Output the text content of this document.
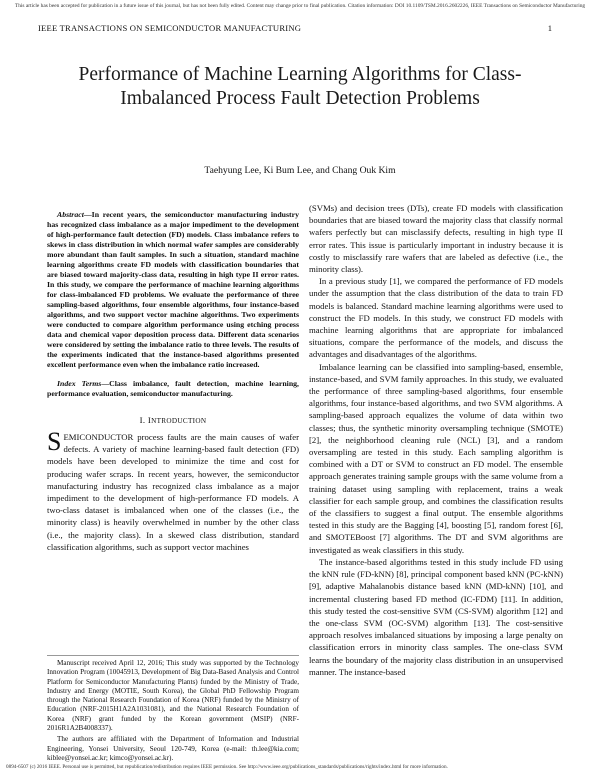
This article has been accepted for publication in a future issue of this journal, but has not been fully edited. Content may change prior to final publication. Citation information: DOI 10.1109/TSM.2016.2602226, IEEE Transactions on Semiconductor Manufacturing
IEEE TRANSACTIONS ON SEMICONDUCTOR MANUFACTURING	1
Performance of Machine Learning Algorithms for Class-Imbalanced Process Fault Detection Problems
Taehyung Lee, Ki Bum Lee, and Chang Ouk Kim

Abstract—In recent years, the semiconductor manufacturing industry has recognized class imbalance as a major impediment to the development of high-performance fault detection (FD) models. Class imbalance refers to skews in class distribution in which normal wafer samples are considerably more abundant than fault samples. In such a situation, standard machine learning algorithms create FD models with classification boundaries that are biased toward majority-class data, resulting in high type II error rates. In this study, we compare the performance of machine learning algorithms for class-imbalanced FD problems. We evaluate the performance of three sampling-based algorithms, four ensemble algorithms, four instance-based algorithms, and two support vector machine algorithms. Two experiments were conducted to compare algorithm performance using etching process data and chemical vapor deposition process data. Different data scenarios were considered by setting the imbalance ratio to three levels. The results of the experiments indicated that the instance-based algorithms presented excellent performance even when the imbalance ratio increased.

Index Terms—Class imbalance, fault detection, machine learning, performance evaluation, semiconductor manufacturing.

I. INTRODUCTION

SEMICONDUCTOR process faults are the main causes of wafer defects. A variety of machine learning-based fault detection (FD) models have been developed to minimize the time and cost for producing wafer scraps. In recent years, however, the semiconductor manufacturing industry has recognized class imbalance as a major impediment to the development of high-performance FD models. A two-class dataset is imbalanced when one of the classes (i.e., the minority class) is heavily overwhelmed in number by the other class (i.e., the majority class). In a skewed class distribution, standard classification algorithms, such as support vector machines

Manuscript received April 12, 2016; This study was supported by the Technology Innovation Program (10045913, Development of Big Data-Based Analysis and Control Platform for Semiconductor Manufacturing Plants) funded by the Ministry of Trade, Industry and Energy (MOTIE, South Korea), the Global PhD Fellowship Program through the National Research Foundation of Korea (NRF) funded by the Ministry of Education (NRF-2015H1A2A1031081), and the National Research Foundation of Korea (NRF) grant funded by the Korean government (MSIP) (NRF-2016R1A2B4008337).

The authors are affiliated with the Department of Information and Industrial Engineering, Yonsei University, Seoul 120-749, Korea (e-mail: th.lee@kia.com; kiblee@yonsei.ac.kr; kimco@yonsei.ac.kr).

(SVMs) and decision trees (DTs), create FD models with classification boundaries that are biased toward the majority class that classify normal wafers perfectly but can misclassify defects, resulting in high type II error rates. This issue is particularly important in industry because it is costly to misclassify rare wafers that are labeled as defective (i.e., the minority class).

In a previous study [1], we compared the performance of FD models under the assumption that the class distribution of the data to train FD models is balanced. Standard machine learning algorithms were used to construct the FD models. In this study, we construct FD models with machine learning algorithms that are appropriate for imbalanced situations, compare the performance of the models, and discuss the advantages and disadvantages of the algorithms.

Imbalance learning can be classified into sampling-based, ensemble, instance-based, and SVM family approaches. In this study, we evaluated the performance of three sampling-based algorithms, four ensemble algorithms, four instance-based algorithms, and two SVM algorithms. A sampling-based approach equalizes the volume of data within two classes; thus, the synthetic minority oversampling technique (SMOTE) [2], the neighborhood cleaning rule (NCL) [3], and a random oversampling are tested in this study. Each sampling algorithm is combined with a DT or SVM to construct an FD model. The ensemble approach generates training sample groups with the same volume from a training dataset using sampling with replacement, trains a weak classifier for each sample group, and combines the classification results of the classifiers to suggest a final output. The ensemble algorithms tested in this study are the Bagging [4], boosting [5], random forest [6], and SMOTEBoost [7] algorithms. The DT and SVM algorithms are investigated as weak classifiers in this study.

The instance-based algorithms tested in this study include FD using the kNN rule (FD-kNN) [8], principal component based kNN (PC-kNN) [9], adaptive Mahalanobis distance based kNN (MD-kNN) [10], and incremental clustering based FD method (IC-FDM) [11]. In addition, this study tested the cost-sensitive SVM (CS-SVM) algorithm [12] and the one-class SVM (OC-SVM) algorithm [13]. The cost-sensitive approach resolves imbalanced situations by imposing a large penalty on classification errors in minority class samples. The one-class SVM learns the boundary of the majority class distribution in an unsupervised manner. The instance-based

0894-6507 (c) 2016 IEEE. Personal use is permitted, but republication/redistribution requires IEEE permission. See http://www.ieee.org/publications_standards/publications/rights/index.html for more information.
